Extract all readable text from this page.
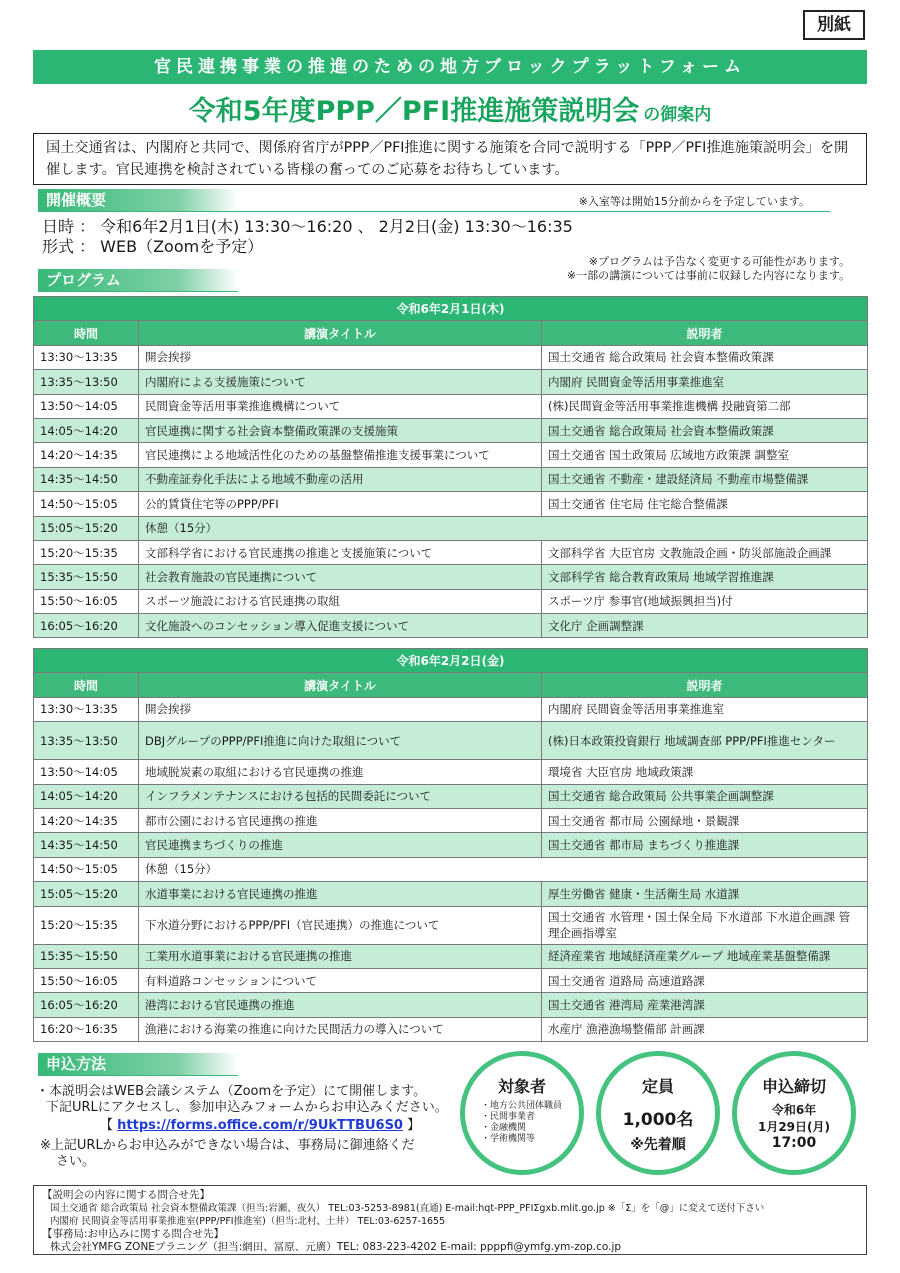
別紙
官民連携事業の推進のための地方ブロックプラットフォーム
令和5年度PPP／PFI推進施策説明会 の御案内
国土交通省は、内閣府と共同で、関係府省庁がPPP／PFI推進に関する施策を合同で説明する「PPP／PFI推進施策説明会」を開催します。官民連携を検討されている皆様の奮ってのご応募をお待ちしています。
開催概要	※入室等は開始15分前からを予定しています。
日時 ： 令和6年2月1日(木) 13:30～16:20 、 2月2日(金) 13:30～16:35
形式 ： WEB（Zoomを予定）
※プログラムは予告なく変更する可能性があります。
※一部の講演については事前に収録した内容になります。
プログラム
令和6年2月1日(木)		
時間	講演タイトル	説明者
13:30～13:35	開会挨拶	国土交通省 総合政策局 社会資本整備政策課
13:35～13:50	内閣府による支援施策について	内閣府 民間資金等活用事業推進室
13:50～14:05	民間資金等活用事業推進機構について	(株)民間資金等活用事業推進機構 投融資第二部
14:05～14:20	官民連携に関する社会資本整備政策課の支援施策	国土交通省 総合政策局 社会資本整備政策課
14:20～14:35	官民連携による地域活性化のための基盤整備推進支援事業について	国土交通省 国土政策局 広域地方政策課 調整室
14:35～14:50	不動産証券化手法による地域不動産の活用	国土交通省 不動産・建設経済局 不動産市場整備課
14:50～15:05	公的賃貸住宅等のPPP/PFI	国土交通省 住宅局 住宅総合整備課
15:05～15:20	休憩（15分）	
15:20～15:35	文部科学省における官民連携の推進と支援施策について	文部科学省 大臣官房 文教施設企画・防災部施設企画課
15:35～15:50	社会教育施設の官民連携について	文部科学省 総合教育政策局 地域学習推進課
15:50～16:05	スポーツ施設における官民連携の取組	スポーツ庁 参事官(地域振興担当)付
16:05～16:20	文化施設へのコンセッション導入促進支援について	文化庁 企画調整課
令和6年2月2日(金)		
時間	講演タイトル	説明者
13:30～13:35	開会挨拶	内閣府 民間資金等活用事業推進室
13:35～13:50	DBJグループのPPP/PFI推進に向けた取組について	(株)日本政策投資銀行 地域調査部 PPP/PFI推進センター
13:50～14:05	地域脱炭素の取組における官民連携の推進	環境省 大臣官房 地域政策課
14:05～14:20	インフラメンテナンスにおける包括的民間委託について	国土交通省 総合政策局 公共事業企画調整課
14:20～14:35	都市公園における官民連携の推進	国土交通省 都市局 公園緑地・景観課
14:35～14:50	官民連携まちづくりの推進	国土交通省 都市局 まちづくり推進課
14:50～15:05	休憩（15分）	
15:05～15:20	水道事業における官民連携の推進	厚生労働省 健康・生活衛生局 水道課
15:20～15:35	下水道分野におけるPPP/PFI（官民連携）の推進について	国土交通省 水管理・国土保全局 下水道部 下水道企画課 管理企画指導室
15:35～15:50	工業用水道事業における官民連携の推進	経済産業省 地域経済産業グループ 地域産業基盤整備課
15:50～16:05	有料道路コンセッションについて	国土交通省 道路局 高速道路課
16:05～16:20	港湾における官民連携の推進	国土交通省 港湾局 産業港湾課
16:20～16:35	漁港における海業の推進に向けた民間活力の導入について	水産庁 漁港漁場整備部 計画課
申込方法
・本説明会はWEB会議システム（Zoomを予定）にて開催します。
下記URLにアクセスし、参加申込みフォームからお申込みください。
【 https://forms.office.com/r/9UkTTBU6S0 】
※上記URLからお申込みができない場合は、事務局に御連絡くだ
さい。
対象者
・地方公共団体職員
・民間事業者
・金融機関
・学術機関等
定員
1,000名
※先着順
申込締切
令和6年
1月29日(月)
17:00
【説明会の内容に関する問合せ先】
国土交通省 総合政策局 社会資本整備政策課（担当:岩瀬、夜久） TEL:03-5253-8981(直通) E-mail:hqt-PPP_PFIΣgxb.mlit.go.jp ※「Σ」を「@」に変えて送付下さい
内閣府 民間資金等活用事業推進室(PPP/PFI推進室)（担当:北村、土井） TEL:03-6257-1655
【事務局:お申込みに関する問合せ先】
株式会社YMFG ZONEプラニング（担当:網田、冨原、元廣）TEL: 083-223-4202 E-mail: ppppfi@ymfg.ym-zop.co.jp
